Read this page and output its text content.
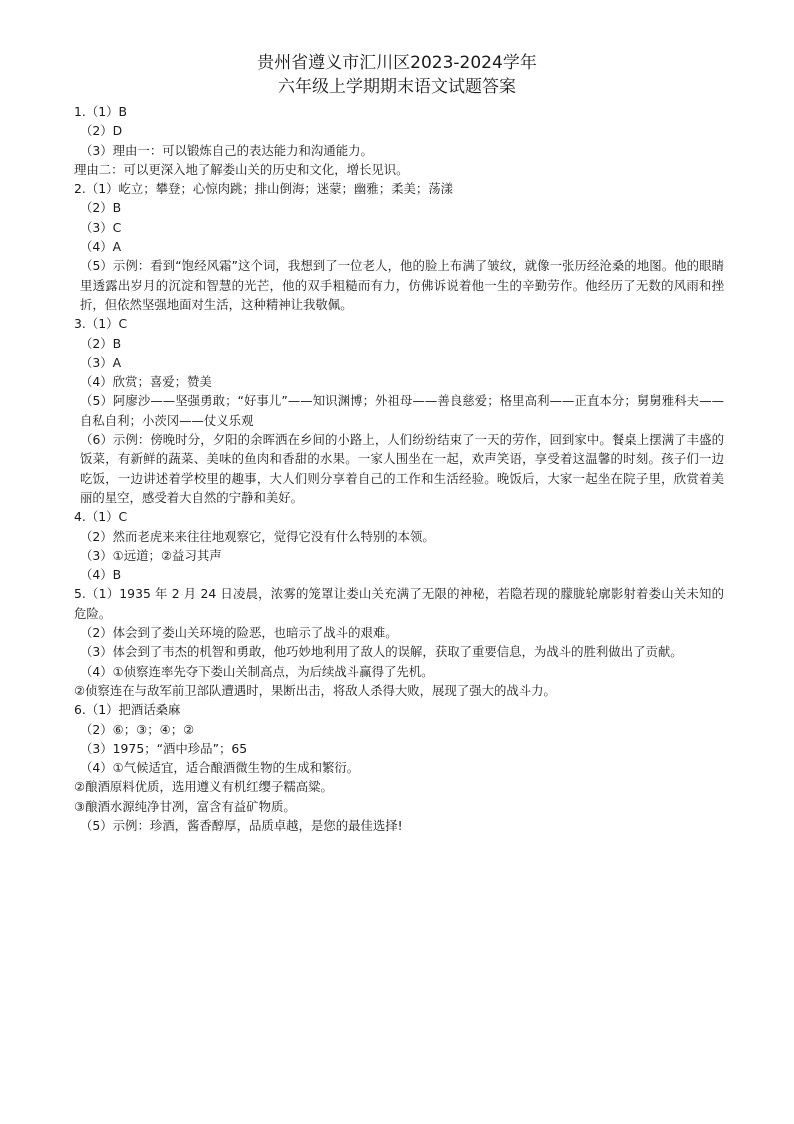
贵州省遵义市汇川区2023-2024学年
六年级上学期期末语文试题答案
1.（1）B
（2）D
（3）理由一：可以锻炼自己的表达能力和沟通能力。
理由二：可以更深入地了解娄山关的历史和文化，增长见识。
2.（1）屹立；攀登；心惊肉跳；排山倒海；迷蒙；幽雅；柔美；荡漾
（2）B
（3）C
（4）A
（5）示例：看到“饱经风霜”这个词，我想到了一位老人，他的脸上布满了皱纹，就像一张历经沧桑的地图。他的眼睛里透露出岁月的沉淀和智慧的光芒，他的双手粗糙而有力，仿佛诉说着他一生的辛勤劳作。他经历了无数的风雨和挫折，但依然坚强地面对生活，这种精神让我敬佩。
3.（1）C
（2）B
（3）A
（4）欣赏；喜爱；赞美
（5）阿廖沙——坚强勇敢；“好事儿”——知识渊博；外祖母——善良慈爱；格里高利——正直本分；舅舅雅科夫——自私自利；小茨冈——仗义乐观
（6）示例：傍晚时分，夕阳的余晖洒在乡间的小路上，人们纷纷结束了一天的劳作，回到家中。餐桌上摆满了丰盛的饭菜，有新鲜的蔬菜、美味的鱼肉和香甜的水果。一家人围坐在一起，欢声笑语，享受着这温馨的时刻。孩子们一边吃饭，一边讲述着学校里的趣事，大人们则分享着自己的工作和生活经验。晚饭后，大家一起坐在院子里，欣赏着美丽的星空，感受着大自然的宁静和美好。
4.（1）C
（2）然而老虎来来往往地观察它，觉得它没有什么特别的本领。
（3）①远道；②益习其声
（4）B
5.（1）1935 年 2 月 24 日凌晨，浓雾的笼罩让娄山关充满了无限的神秘，若隐若现的朦胧轮廓影射着娄山关未知的危险。
（2）体会到了娄山关环境的险恶，也暗示了战斗的艰难。
（3）体会到了韦杰的机智和勇敢，他巧妙地利用了敌人的误解，获取了重要信息，为战斗的胜利做出了贡献。
（4）①侦察连率先夺下娄山关制高点，为后续战斗赢得了先机。
②侦察连在与敌军前卫部队遭遇时，果断出击，将敌人杀得大败，展现了强大的战斗力。
6.（1）把酒话桑麻
（2）⑥；③；④；②
（3）1975；“酒中珍品”；65
（4）①气候适宜，适合酿酒微生物的生成和繁衍。
②酿酒原料优质，选用遵义有机红缨子糯高粱。
③酿酒水源纯净甘冽，富含有益矿物质。
（5）示例：珍酒，酱香醇厚，品质卓越，是您的最佳选择!
